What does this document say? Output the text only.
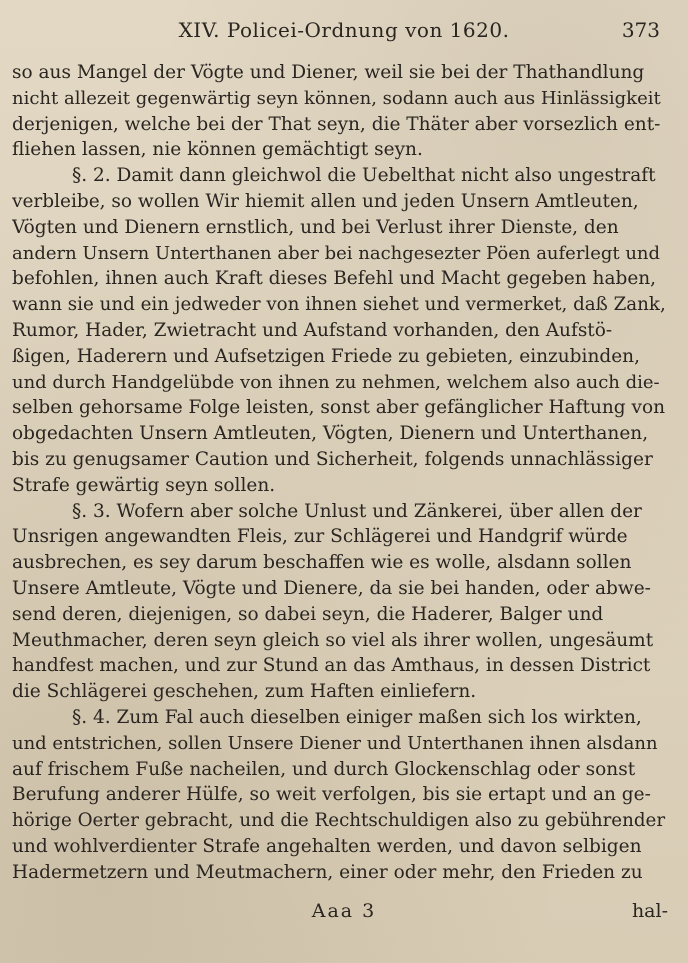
XIV. Policei-Ordnung von 1620.	373
so aus Mangel der Vögte und Diener, weil sie bei der Thathandlung
nicht allezeit gegenwärtig seyn können, sodann auch aus Hinlässigkeit
derjenigen, welche bei der That seyn, die Thäter aber vorsezlich ent-
fliehen lassen, nie können gemächtigt seyn.
§. 2. Damit dann gleichwol die Uebelthat nicht also ungestraft
verbleibe, so wollen Wir hiemit allen und jeden Unsern Amtleuten,
Vögten und Dienern ernstlich, und bei Verlust ihrer Dienste, den
andern Unsern Unterthanen aber bei nachgesezter Pöen auferlegt und
befohlen, ihnen auch Kraft dieses Befehl und Macht gegeben haben,
wann sie und ein jedweder von ihnen siehet und vermerket, daß Zank,
Rumor, Hader, Zwietracht und Aufstand vorhanden, den Aufstö-
ßigen, Haderern und Aufsetzigen Friede zu gebieten, einzubinden,
und durch Handgelübde von ihnen zu nehmen, welchem also auch die-
selben gehorsame Folge leisten, sonst aber gefänglicher Haftung von
obgedachten Unsern Amtleuten, Vögten, Dienern und Unterthanen,
bis zu genugsamer Caution und Sicherheit, folgends unnachlässiger
Strafe gewärtig seyn sollen.
§. 3. Wofern aber solche Unlust und Zänkerei, über allen der
Unsrigen angewandten Fleis, zur Schlägerei und Handgrif würde
ausbrechen, es sey darum beschaffen wie es wolle, alsdann sollen
Unsere Amtleute, Vögte und Dienere, da sie bei handen, oder abwe-
send deren, diejenigen, so dabei seyn, die Haderer, Balger und
Meuthmacher, deren seyn gleich so viel als ihrer wollen, ungesäumt
handfest machen, und zur Stund an das Amthaus, in dessen District
die Schlägerei geschehen, zum Haften einliefern.
§. 4. Zum Fal auch dieselben einiger maßen sich los wirkten,
und entstrichen, sollen Unsere Diener und Unterthanen ihnen alsdann
auf frischem Fuße nacheilen, und durch Glockenschlag oder sonst
Berufung anderer Hülfe, so weit verfolgen, bis sie ertapt und an ge-
hörige Oerter gebracht, und die Rechtschuldigen also zu gebührender
und wohlverdienter Strafe angehalten werden, und davon selbigen
Hadermetzern und Meutmachern, einer oder mehr, den Frieden zu
Aaa 3	hal-
